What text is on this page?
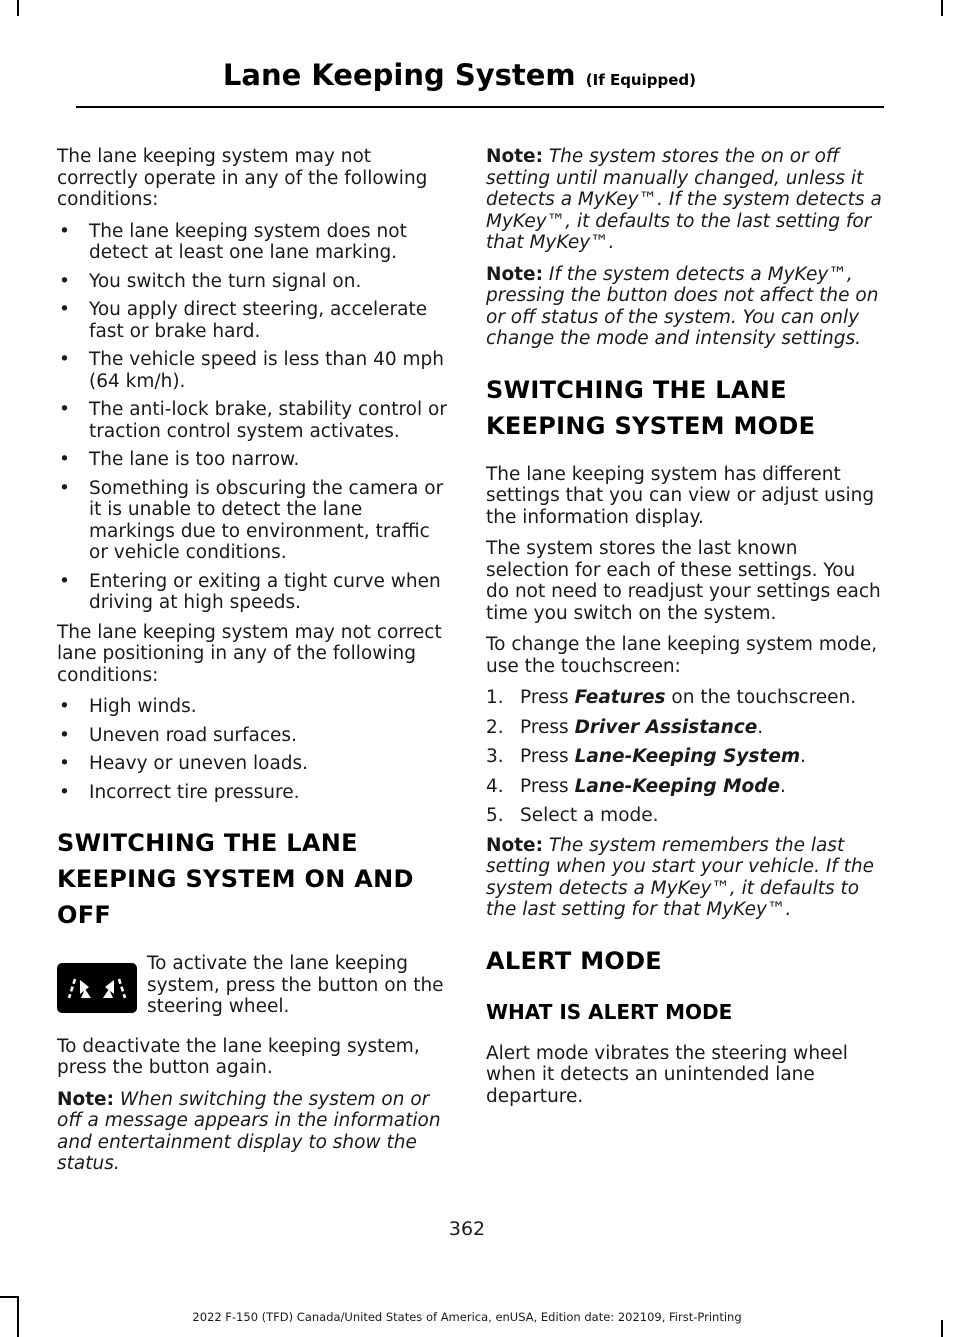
Lane Keeping System (If Equipped)

The lane keeping system may not correctly operate in any of the following conditions:

• The lane keeping system does not detect at least one lane marking.
• You switch the turn signal on.
• You apply direct steering, accelerate fast or brake hard.
• The vehicle speed is less than 40 mph (64 km/h).
• The anti-lock brake, stability control or traction control system activates.
• The lane is too narrow.
• Something is obscuring the camera or it is unable to detect the lane markings due to environment, traffic or vehicle conditions.
• Entering or exiting a tight curve when driving at high speeds.

The lane keeping system may not correct lane positioning in any of the following conditions:

• High winds.
• Uneven road surfaces.
• Heavy or uneven loads.
• Incorrect tire pressure.
SWITCHING THE LANE KEEPING SYSTEM ON AND OFF

To activate the lane keeping system, press the button on the steering wheel.

To deactivate the lane keeping system, press the button again.

Note: When switching the system on or off a message appears in the information and entertainment display to show the status.

Note: The system stores the on or off setting until manually changed, unless it detects a MyKey™. If the system detects a MyKey™, it defaults to the last setting for that MyKey™.

Note: If the system detects a MyKey™, pressing the button does not affect the on or off status of the system. You can only change the mode and intensity settings.

SWITCHING THE LANE KEEPING SYSTEM MODE

The lane keeping system has different settings that you can view or adjust using the information display.

The system stores the last known selection for each of these settings. You do not need to readjust your settings each time you switch on the system.

To change the lane keeping system mode, use the touchscreen:

1. Press Features on the touchscreen.
2. Press Driver Assistance.
3. Press Lane-Keeping System.
4. Press Lane-Keeping Mode.
5. Select a mode.

Note: The system remembers the last setting when you start your vehicle. If the system detects a MyKey™, it defaults to the last setting for that MyKey™.

ALERT MODE
WHAT IS ALERT MODE

Alert mode vibrates the steering wheel when it detects an unintended lane departure.

362
2022 F-150 (TFD) Canada/United States of America, enUSA, Edition date: 202109, First-Printing
